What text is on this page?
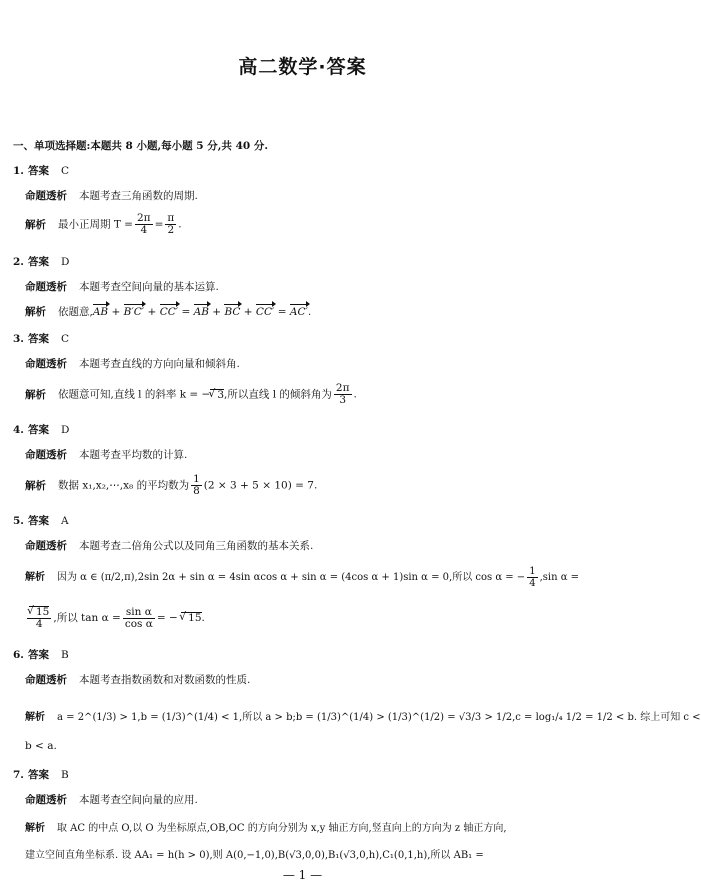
高二数学·答案
一、单项选择题:本题共 8 小题,每小题 5 分,共 40 分.
1. 答案 C
命题透析 本题考查三角函数的周期.
解析 最小正周期 $T = \frac{2\pi}{4} = \frac{\pi}{2}$ .
2. 答案 D
命题透析 本题考查空间向量的基本运算.
解析 依题意,AB + B′C′ + CC′ = AB + BC + CC′ = AC′.
3. 答案 C
命题透析 本题考查直线的方向向量和倾斜角.
解析 依题意可知,直线 l 的斜率 k = − √ 3,所以直线 l 的倾斜角为 $\frac{2\pi}{3}$ .
4. 答案 D
命题透析 本题考查平均数的计算.
解析 数据 x₁,x₂,⋯,x₈ 的平均数为 $\frac{1}{8} (2 \times 3 + 5 \times 10) = 7$.
5. 答案 A
命题透析 本题考查二倍角公式以及同角三角函数的基本关系.
解析 因为 α ∈ (π/2,π),2sin 2α + sin α = 4sin αcos α + sin α = (4cos α + 1)sin α = 0,所以 cos α = − $\frac{1}{4} ,\sin$ α =
√ $\frac{15}{4}$ ,所以 $\tan \alpha = \frac{\text{sin α}}{\text{cos α}}$ = − √ 15.
6. 答案 B
命题透析 本题考查指数函数和对数函数的性质.
解析 a = 2^(1/3) > 1,b = (1/3)^(1/4) < 1,所以 a > b;b = (1/3)^(1/4) > (1/3)^(1/2) = √3/3 > 1/2,c = log₁/₄ 1/2 = 1/2 < b. 综上可知 c <
b < a.
7. 答案 B
命题透析 本题考查空间向量的应用.
解析 取 AC 的中点 O,以 O 为坐标原点,OB,OC 的方向分别为 x,y 轴正方向,竖直向上的方向为 z 轴正方向,
建立空间直角坐标系. 设 AA₁ = h(h > 0),则 A(0,−1,0),B(√3,0,0),B₁(√3,0,h),C₁(0,1,h),所以 AB₁ =
— 1 —
